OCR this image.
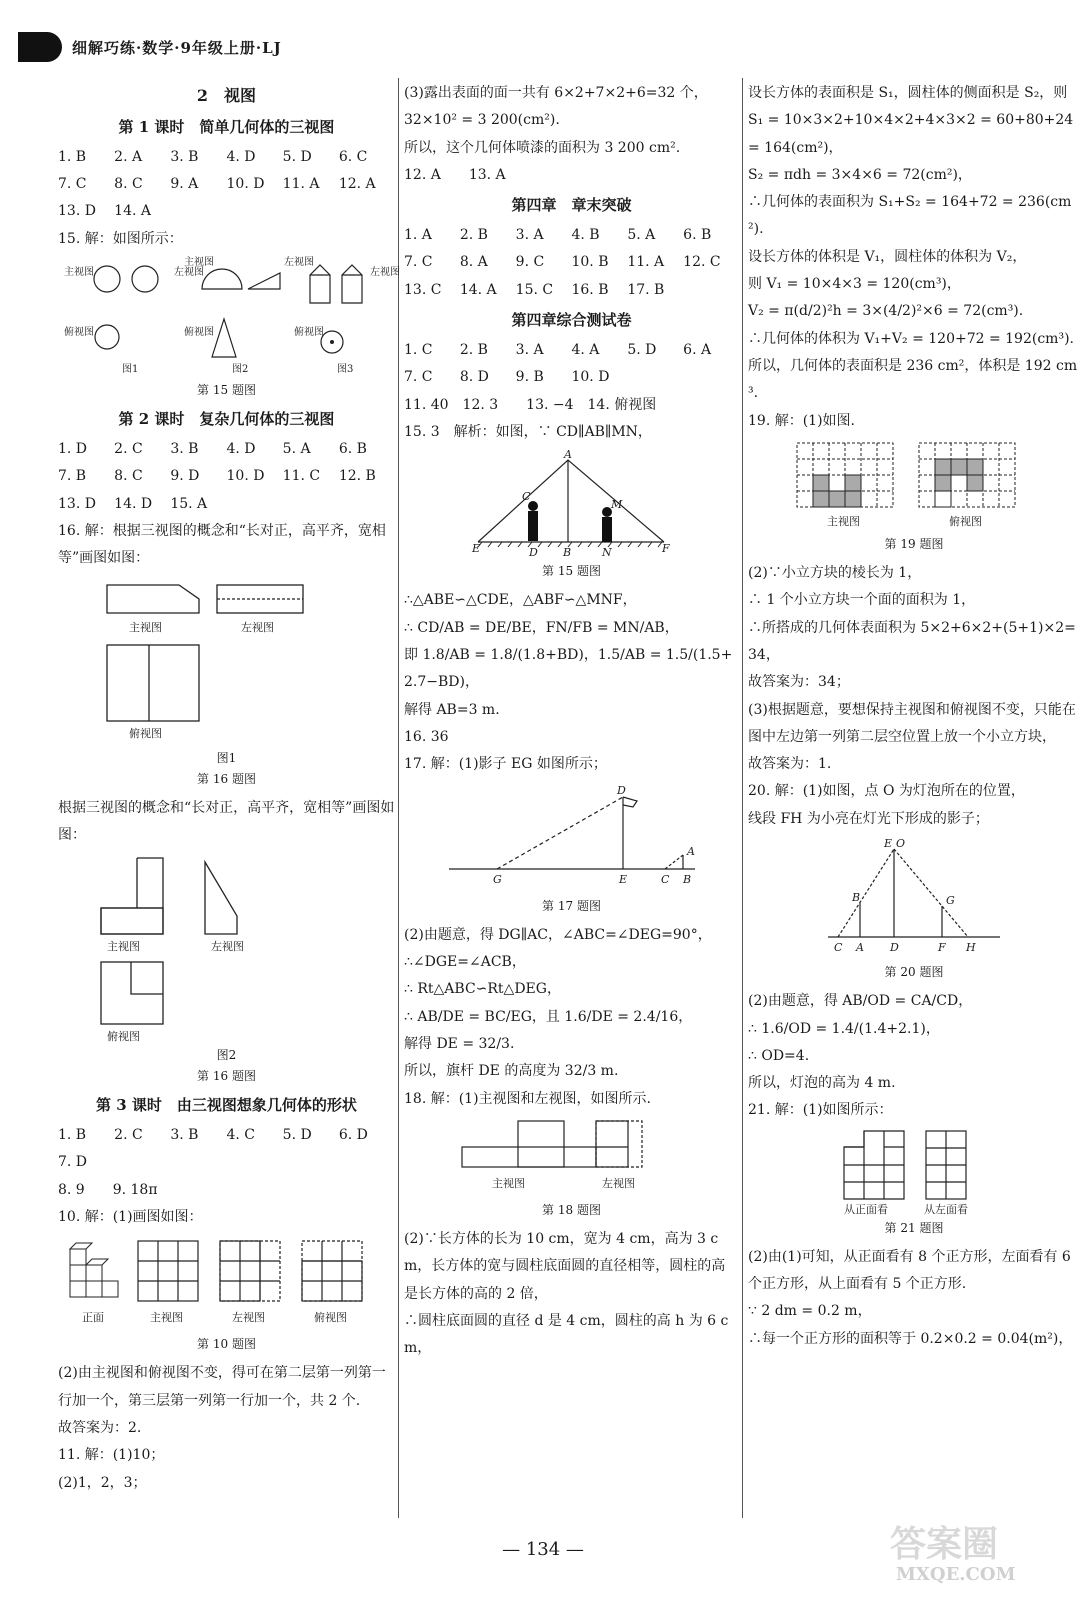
细解巧练·数学·9年级上册·LJ
2　视图
第 1 课时　简单几何体的三视图
1. B	2. A	3. B	4. D	5. D	6. C
7. C	8. C	9. A	10. D	11. A	12. A
13. D	14. A

15. 解：如图所示：

主视图
俯视图
左视图
主视图
俯视图
左视图
俯视图
左视图
图1	图2	图3
第 15 题图
第 2 课时　复杂几何体的三视图
1. D	2. C	3. B	4. D	5. A	6. B
7. B	8. C	9. D	10. D	11. C	12. B
13. D	14. D	15. A

16. 解：根据三视图的概念和“长对正，高平齐，宽相等”画图如图：

主视图	左视图
俯视图
图1
第 16 题图

根据三视图的概念和“长对正，高平齐，宽相等”画图如图：

主视图	左视图
俯视图
图2
第 16 题图
第 3 课时　由三视图想象几何体的形状
1. B	2. C	3. B	4. C	5. D	6. D

7. D

8. 9　　 9. 18π

10. 解：(1)画图如图：

正面	主视图	左视图	俯视图
第 10 题图

(2)由主视图和俯视图不变，得可在第二层第一列第一行加一个，第三层第一列第一行加一个，共 2 个.

故答案为：2.

11. 解：(1)10；

(2)1，2，3；

(3)露出表面的面一共有 6×2+7×2+6=32 个，

32×10² = 3 200(cm²).

所以，这个几何体喷漆的面积为 3 200 cm².

12. A　　 13. A

第四章　章末突破
1. A	2. B	3. A	4. B	5. A	6. B
7. C	8. A	9. C	10. B	11. A	12. C
13. C	14. A	15. C	16. B	17. B
第四章综合测试卷
1. C	2. B	3. A	4. A	5. D	6. A
7. C	8. D	9. B	10. D

11. 40　 12. 3　　 13. −4　 14. 俯视图

15. 3　解析：如图，∵ CD∥AB∥MN，

A
C
M
E	D B	N	F
第 15 题图

∴△ABE∽△CDE，△ABF∽△MNF，

∴ CD/AB = DE/BE，FN/FB = MN/AB，

即 1.8/AB = 1.8/(1.8+BD)，1.5/AB = 1.5/(1.5+2.7−BD)，

解得 AB=3 m.

16. 36

17. 解：(1)影子 EG 如图所示；

D
A
G	E	C B
第 17 题图

(2)由题意，得 DG∥AC，∠ABC=∠DEG=90°，

∴∠DGE=∠ACB，

∴ Rt△ABC∽Rt△DEG，

∴ AB/DE = BC/EG，且 1.6/DE = 2.4/16，

解得 DE = 32/3.

所以，旗杆 DE 的高度为 32/3 m.

18. 解：(1)主视图和左视图，如图所示.

主视图	左视图
第 18 题图

(2)∵长方体的长为 10 cm，宽为 4 cm，高为 3 cm，长方体的宽与圆柱底面圆的直径相等，圆柱的高是长方体的高的 2 倍，

∴圆柱底面圆的直径 d 是 4 cm，圆柱的高 h 为 6 cm，

设长方体的表面积是 S₁，圆柱体的侧面积是 S₂，则

S₁ = 10×3×2+10×4×2+4×3×2 = 60+80+24 = 164(cm²)，

S₂ = πdh = 3×4×6 = 72(cm²)，

∴几何体的表面积为 S₁+S₂ = 164+72 = 236(cm²).

设长方体的体积是 V₁，圆柱体的体积为 V₂，

则 V₁ = 10×4×3 = 120(cm³)，

V₂ = π(d/2)²h = 3×(4/2)²×6 = 72(cm³).

∴几何体的体积为 V₁+V₂ = 120+72 = 192(cm³).

所以，几何体的表面积是 236 cm²，体积是 192 cm³.

19. 解：(1)如图.

主视图	俯视图
第 19 题图

(2)∵小立方块的棱长为 1，

∴ 1 个小立方块一个面的面积为 1，

∴所搭成的几何体表面积为 5×2+6×2+(5+1)×2=34，

故答案为：34；

(3)根据题意，要想保持主视图和俯视图不变，只能在图中左边第一列第二层空位置上放一个小立方块，

故答案为：1.

20. 解：(1)如图，点 O 为灯泡所在的位置，

线段 FH 为小亮在灯光下形成的影子；

E O
B	G
C A D	F H
第 20 题图

(2)由题意，得 AB/OD = CA/CD，

∴ 1.6/OD = 1.4/(1.4+2.1)，

∴ OD=4.

所以，灯泡的高为 4 m.

21. 解：(1)如图所示：

从正面看	从左面看
第 21 题图

(2)由(1)可知，从正面看有 8 个正方形，左面看有 6 个正方形，从上面看有 5 个正方形.

∵ 2 dm = 0.2 m，

∴每一个正方形的面积等于 0.2×0.2 = 0.04(m²)，

— 134 —	答案圈
MXQE.COM
